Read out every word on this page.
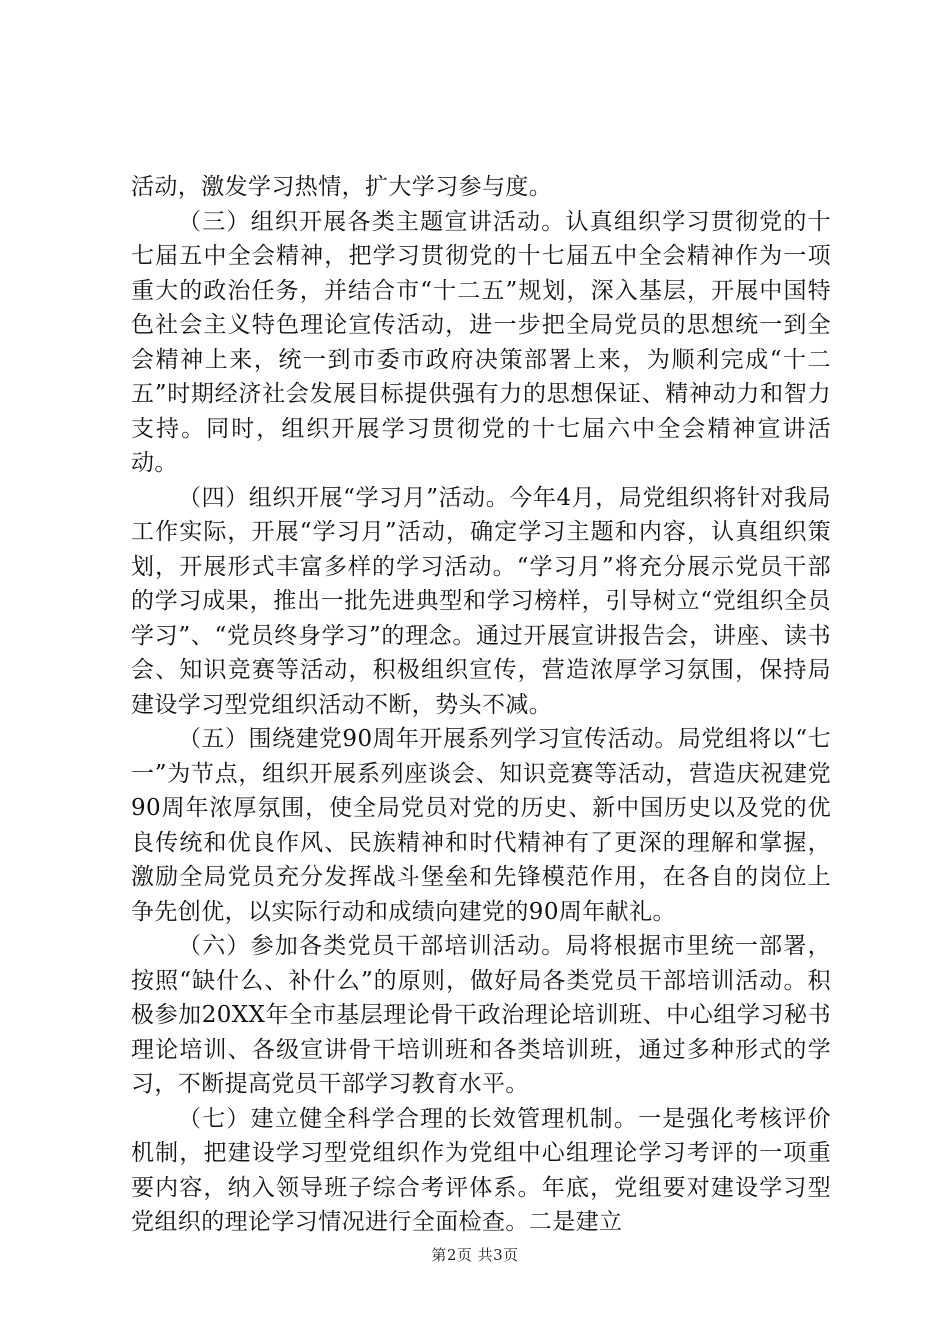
活动，激发学习热情，扩大学习参与度。

（三）组织开展各类主题宣讲活动。认真组织学习贯彻党的十七届五中全会精神，把学习贯彻党的十七届五中全会精神作为一项重大的政治任务，并结合市“十二五”规划，深入基层，开展中国特色社会主义特色理论宣传活动，进一步把全局党员的思想统一到全会精神上来，统一到市委市政府决策部署上来，为顺利完成“十二五”时期经济社会发展目标提供强有力的思想保证、精神动力和智力支持。同时，组织开展学习贯彻党的十七届六中全会精神宣讲活动。

（四）组织开展“学习月”活动。今年4月，局党组织将针对我局工作实际，开展“学习月”活动，确定学习主题和内容，认真组织策划，开展形式丰富多样的学习活动。“学习月”将充分展示党员干部的学习成果，推出一批先进典型和学习榜样，引导树立“党组织全员学习”、“党员终身学习”的理念。通过开展宣讲报告会，讲座、读书会、知识竞赛等活动，积极组织宣传，营造浓厚学习氛围，保持局建设学习型党组织活动不断，势头不减。

（五）围绕建党90周年开展系列学习宣传活动。局党组将以“七一”为节点，组织开展系列座谈会、知识竞赛等活动，营造庆祝建党90周年浓厚氛围，使全局党员对党的历史、新中国历史以及党的优良传统和优良作风、民族精神和时代精神有了更深的理解和掌握，激励全局党员充分发挥战斗堡垒和先锋模范作用，在各自的岗位上争先创优，以实际行动和成绩向建党的90周年献礼。

（六）参加各类党员干部培训活动。局将根据市里统一部署，按照“缺什么、补什么”的原则，做好局各类党员干部培训活动。积极参加20XX年全市基层理论骨干政治理论培训班、中心组学习秘书理论培训、各级宣讲骨干培训班和各类培训班，通过多种形式的学习，不断提高党员干部学习教育水平。

（七）建立健全科学合理的长效管理机制。一是强化考核评价机制，把建设学习型党组织作为党组中心组理论学习考评的一项重要内容，纳入领导班子综合考评体系。年底，党组要对建设学习型党组织的理论学习情况进行全面检查。二是建立

第2页 共3页
